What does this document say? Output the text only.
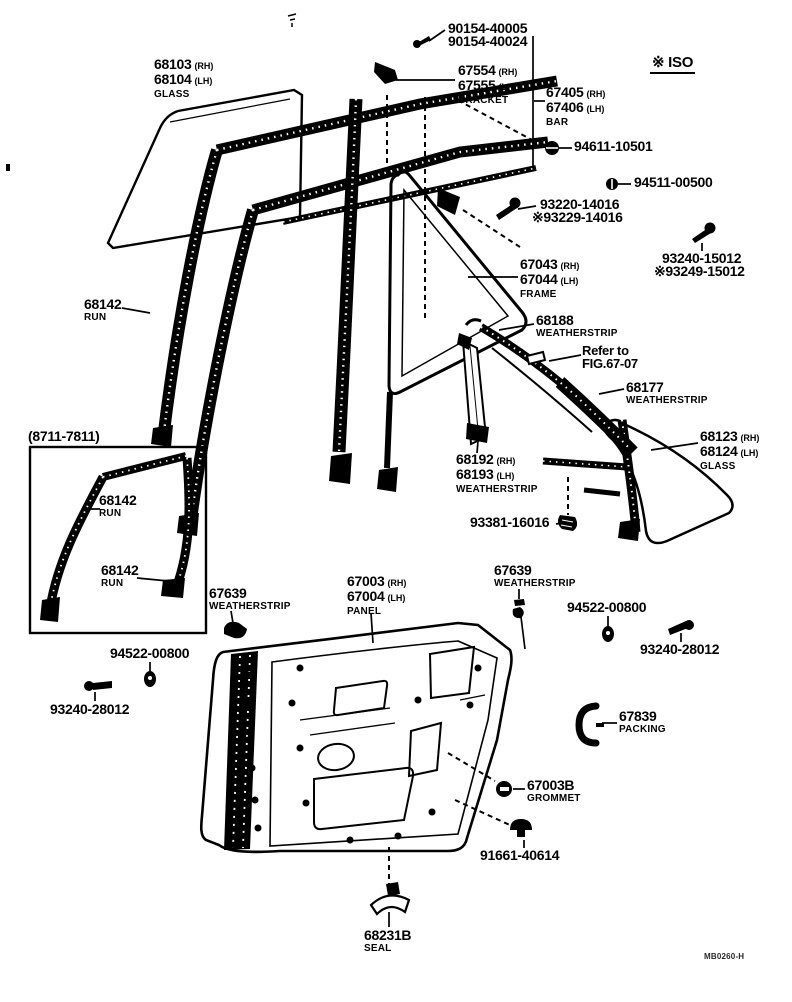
90154-40005
90154-40024
68103 (RH)
68104 (LH)
GLASS
67554 (RH)
67555 (LH)
BRACKET
67405 (RH)
67406 (LH)
BAR
※ ISO
94611-10501
94511-00500
93220-14016
※93229-14016
93240-15012
※93249-15012
67043 (RH)
67044 (LH)
FRAME
68188
WEATHERSTRIP
Refer to
FIG.67-07
68177
WEATHERSTRIP
68142
RUN
68123 (RH)
68124 (LH)
GLASS
68192 (RH)
68193 (LH)
WEATHERSTRIP
93381-16016
(8711-7811)
68142
RUN
68142
RUN
67639
WEATHERSTRIP
67003 (RH)
67004 (LH)
PANEL
67639
WEATHERSTRIP
94522-00800
93240-28012
94522-00800
93240-28012	67839
PACKING
67003B
GROMMET
91661-40614
68231B
SEAL
MB0260-H
